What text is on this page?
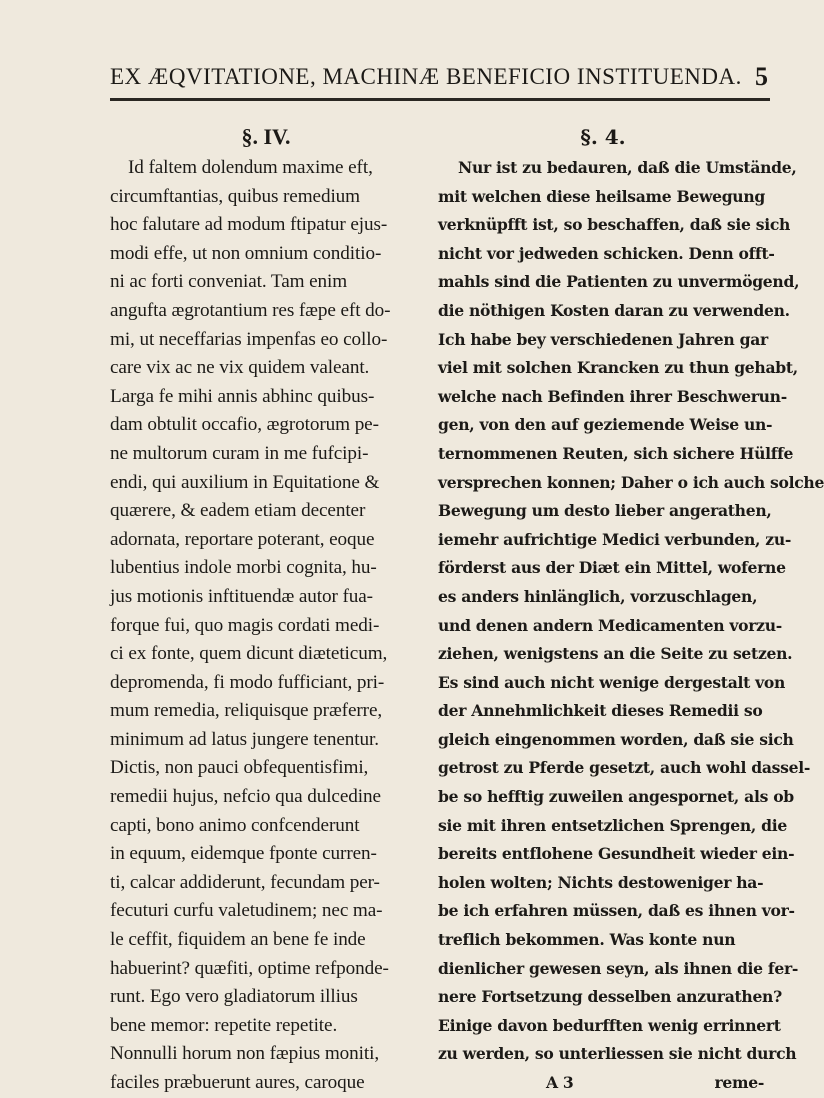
EX ÆQVITATIONE, MACHINÆ BENEFICIO INSTITUENDA. 5
§. IV.
Id faltem dolendum maxime eft,
circumftantias, quibus remedium
hoc falutare ad modum ftipatur ejus-
modi effe, ut non omnium conditio-
ni ac forti conveniat. Tam enim
angufta ægrotantium res fæpe eft do-
mi, ut neceffarias impenfas eo collo-
care vix ac ne vix quidem valeant.
Larga fe mihi annis abhinc quibus-
dam obtulit occafio, ægrotorum pe-
ne multorum curam in me fufcipi-
endi, qui auxilium in Equitatione &
quærere, & eadem etiam decenter
adornata, reportare poterant, eoque
lubentius indole morbi cognita, hu-
jus motionis inftituendæ autor fua-
forque fui, quo magis cordati medi-
ci ex fonte, quem dicunt diæteticum,
depromenda, fi modo fufficiant, pri-
mum remedia, reliquisque præferre,
minimum ad latus jungere tenentur.
Dictis, non pauci obfequentisfimi,
remedii hujus, nefcio qua dulcedine
capti, bono animo confcenderunt
in equum, eidemque fponte curren-
ti, calcar addiderunt, fecundam per-
fecuturi curfu valetudinem; nec ma-
le ceffit, fiquidem an bene fe inde
habuerint? quæfiti, optime refponde-
runt. Ego vero gladiatorum illius
bene memor: repetite repetite.
Nonnulli horum non fæpius moniti,
faciles præbuerunt aures, caroque
§. 4.
Nur ist zu bedauren, daß die Umstände,
mit welchen diese heilsame Bewegung
verknüpfft ist, so beschaffen, daß sie sich
nicht vor jedweden schicken. Denn offt-
mahls sind die Patienten zu unvermögend,
die nöthigen Kosten daran zu verwenden.
Ich habe bey verschiedenen Jahren gar
viel mit solchen Krancken zu thun gehabt,
welche nach Befinden ihrer Beschwerun-
gen, von den auf geziemende Weise un-
ternommenen Reuten, sich sichere Hülffe
versprechen konnen; Daher o ich auch solche
Bewegung um desto lieber angerathen,
iemehr aufrichtige Medici verbunden, zu-
förderst aus der Diæt ein Mittel, woferne
es anders hinlänglich, vorzuschlagen,
und denen andern Medicamenten vorzu-
ziehen, wenigstens an die Seite zu setzen.
Es sind auch nicht wenige dergestalt von
der Annehmlichkeit dieses Remedii so
gleich eingenommen worden, daß sie sich
getrost zu Pferde gesetzt, auch wohl dassel-
be so hefftig zuweilen angespornet, als ob
sie mit ihren entsetzlichen Sprengen, die
bereits entflohene Gesundheit wieder ein-
holen wolten; Nichts destoweniger ha-
be ich erfahren müssen, daß es ihnen vor-
treflich bekommen. Was konte nun
dienlicher gewesen seyn, als ihnen die fer-
nere Fortsetzung desselben anzurathen?
Einige davon bedurfften wenig errinnert
zu werden, so unterliessen sie nicht durch
A 3	reme-
